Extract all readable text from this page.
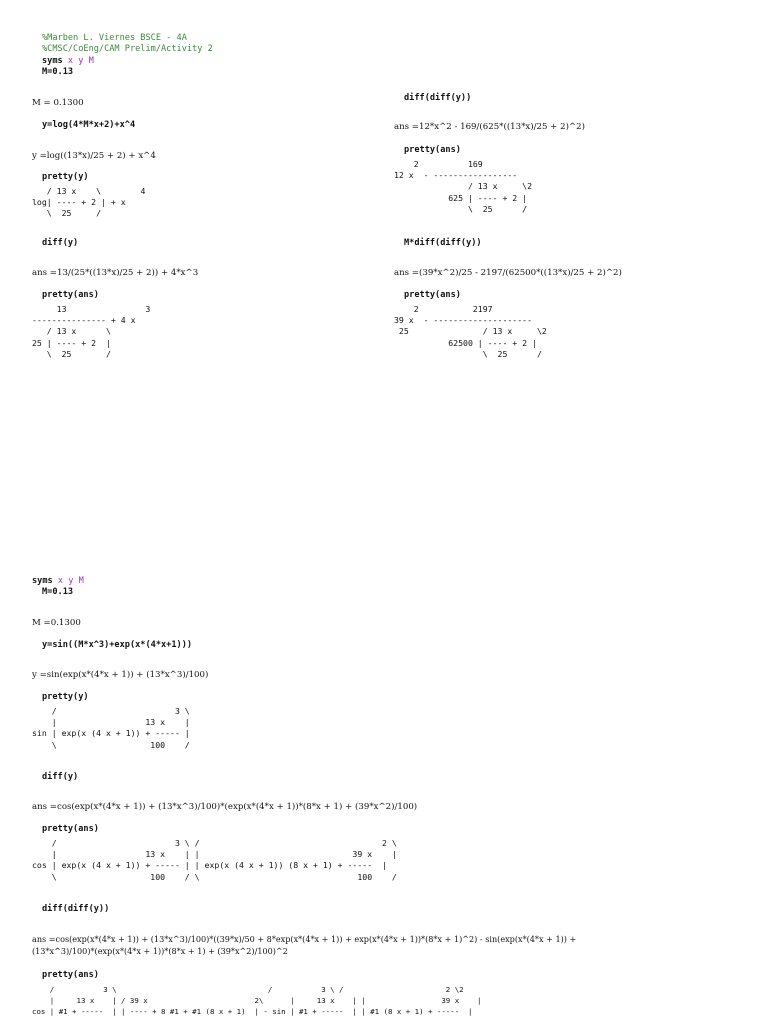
%Marben L. Viernes BSCE - 4A
%CMSC/CoEng/CAM Prelim/Activity 2
syms x y M
M=0.13
M = 0.1300
y=log(4*M*x+2)+x^4
y =log((13*x)/25 + 2) + x^4
pretty(y)
/ 13 x    \        4
log| ---- + 2 | + x
\  25     /
diff(y)
ans =13/(25*((13*x)/25 + 2)) + 4*x^3
pretty(ans)
13                3
--------------- + 4 x
/ 13 x      \
25 | ---- + 2  |
\  25       /
diff(diff(y))
ans =12*x^2 - 169/(625*((13*x)/25 + 2)^2)
pretty(ans)
2          169
12 x  - -----------------
/ 13 x     \2
625 | ---- + 2 |
\  25      /
M*diff(diff(y))
ans =(39*x^2)/25 - 2197/(62500*((13*x)/25 + 2)^2)
pretty(ans)
2           2197
39 x  - --------------------
25               / 13 x     \2
62500 | ---- + 2 |
\  25      /
syms x y M
M=0.13
M =0.1300
y=sin((M*x^3)+exp(x*(4*x+1)))
y =sin(exp(x*(4*x + 1)) + (13*x^3)/100)
pretty(y)
/                        3 \
|                  13 x    |
sin | exp(x (4 x + 1)) + ----- |
\                   100    /
diff(y)
ans =cos(exp(x*(4*x + 1)) + (13*x^3)/100)*(exp(x*(4*x + 1))*(8*x + 1) + (39*x^2)/100)
pretty(ans)
/                        3 \ /                                     2 \
|                  13 x    | |                               39 x    |
cos | exp(x (4 x + 1)) + ----- | | exp(x (4 x + 1)) (8 x + 1) + -----  |
\                   100    / \                                100    /
diff(diff(y))
ans =cos(exp(x*(4*x + 1)) + (13*x^3)/100)*((39*x)/50 + 8*exp(x*(4*x + 1)) + exp(x*(4*x + 1))*(8*x + 1)^2) - sin(exp(x*(4*x + 1)) +
(13*x^3)/100)*(exp(x*(4*x + 1))*(8*x + 1) + (39*x^2)/100)^2
pretty(ans)
/           3 \                                  /           3 \ /                       2 \2
|     13 x    | / 39 x                        2\      |     13 x    | |                 39 x    |
cos | #1 + -----  | | ---- + 8 #1 + #1 (8 x + 1)  | - sin | #1 + -----  | | #1 (8 x + 1) + -----  |
